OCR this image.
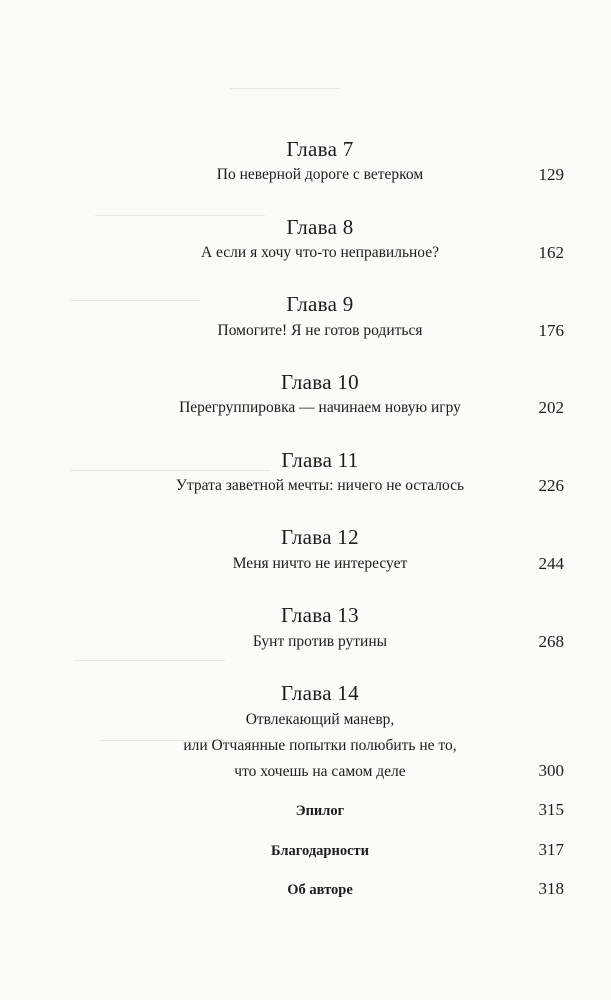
Глава 7
По неверной дороге с ветерком	129
Глава 8
А если я хочу что-то неправильное?	162
Глава 9
Помогите! Я не готов родиться	176
Глава 10
Перегруппировка — начинаем новую игру	202
Глава 11
Утрата заветной мечты: ничего не осталось	226
Глава 12
Меня ничто не интересует	244
Глава 13
Бунт против рутины	268
Глава 14
Отвлекающий маневр,
или Отчаянные попытки полюбить не то,
что хочешь на самом деле	300
Эпилог	315
Благодарности	317
Об авторе	318
